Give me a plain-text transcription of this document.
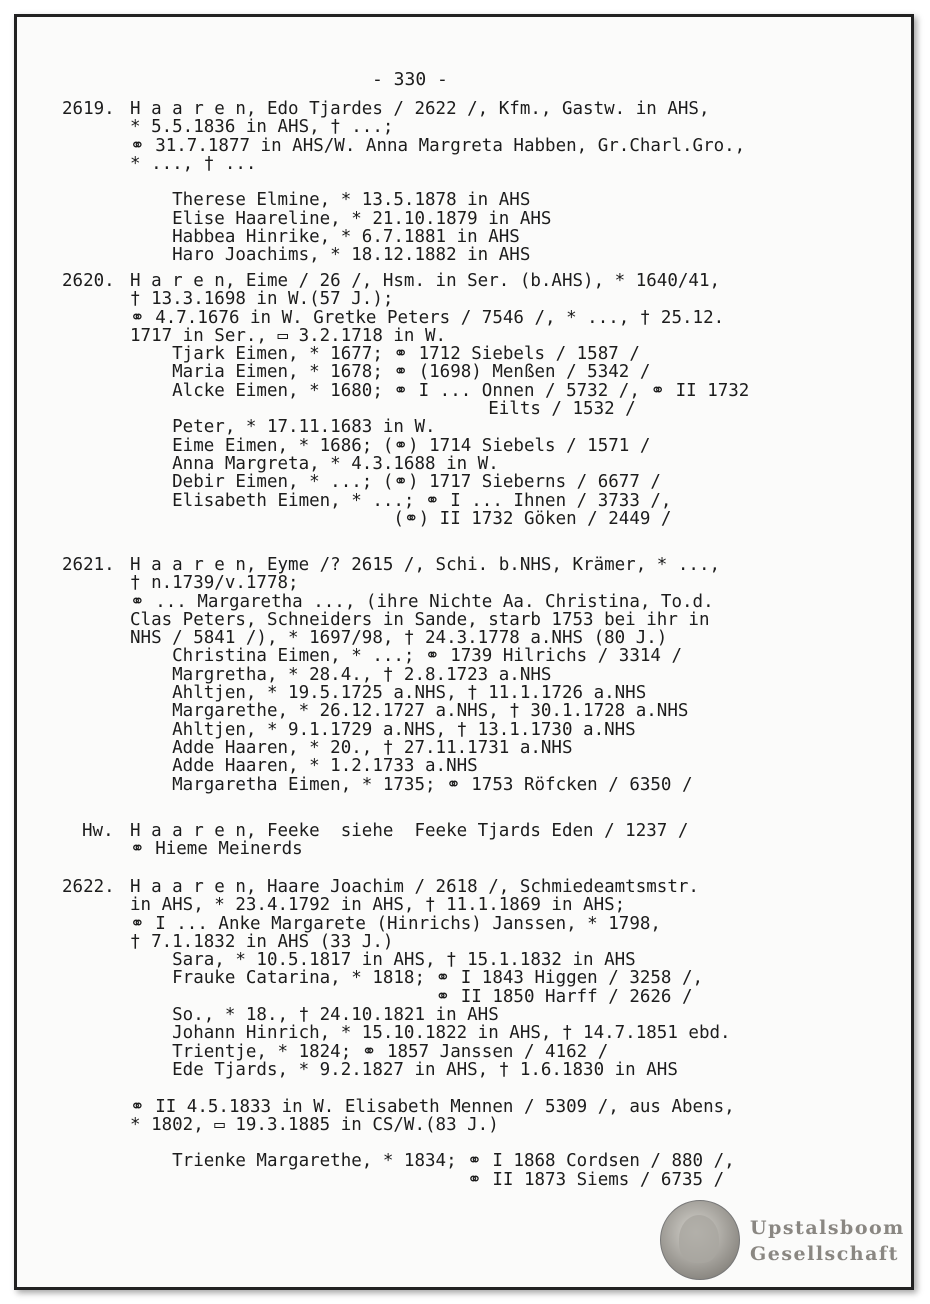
- 330 -
2619. H a a r e n, Edo Tjardes / 2622 /, Kfm., Gastw. in AHS,
* 5.5.1836 in AHS, † ...;
⚭ 31.7.1877 in AHS/W. Anna Margreta Habben, Gr.Charl.Gro.,
* ..., † ...
Therese Elmine, * 13.5.1878 in AHS
Elise Haareline, * 21.10.1879 in AHS
Habbea Hinrike, * 6.7.1881 in AHS
Haro Joachims, * 18.12.1882 in AHS
2620. H a r e n, Eime / 26 /, Hsm. in Ser. (b.AHS), * 1640/41,
† 13.3.1698 in W.(57 J.);
⚭ 4.7.1676 in W. Gretke Peters / 7546 /, * ..., † 25.12.
1717 in Ser., ▭ 3.2.1718 in W.
Tjark Eimen, * 1677; ⚭ 1712 Siebels / 1587 /
Maria Eimen, * 1678; ⚭ (1698) Menßen / 5342 /
Alcke Eimen, * 1680; ⚭ I ... Onnen / 5732 /, ⚭ II 1732
Eilts / 1532 /
Peter, * 17.11.1683 in W.
Eime Eimen, * 1686; (⚭) 1714 Siebels / 1571 /
Anna Margreta, * 4.3.1688 in W.
Debir Eimen, * ...; (⚭) 1717 Sieberns / 6677 /
Elisabeth Eimen, * ...; ⚭ I ... Ihnen / 3733 /,
(⚭) II 1732 Göken / 2449 /
2621. H a a r e n, Eyme /? 2615 /, Schi. b.NHS, Krämer, * ...,
† n.1739/v.1778;
⚭ ... Margaretha ..., (ihre Nichte Aa. Christina, To.d.
Clas Peters, Schneiders in Sande, starb 1753 bei ihr in
NHS / 5841 /), * 1697/98, † 24.3.1778 a.NHS (80 J.)
Christina Eimen, * ...; ⚭ 1739 Hilrichs / 3314 /
Margretha, * 28.4., † 2.8.1723 a.NHS
Ahltjen, * 19.5.1725 a.NHS, † 11.1.1726 a.NHS
Margarethe, * 26.12.1727 a.NHS, † 30.1.1728 a.NHS
Ahltjen, * 9.1.1729 a.NHS, † 13.1.1730 a.NHS
Adde Haaren, * 20., † 27.11.1731 a.NHS
Adde Haaren, * 1.2.1733 a.NHS
Margaretha Eimen, * 1735; ⚭ 1753 Röfcken / 6350 /
Hw. H a a r e n, Feeke  siehe  Feeke Tjards Eden / 1237 /
⚭ Hieme Meinerds
2622. H a a r e n, Haare Joachim / 2618 /, Schmiedeamtsmstr.
in AHS, * 23.4.1792 in AHS, † 11.1.1869 in AHS;
⚭ I ... Anke Margarete (Hinrichs) Janssen, * 1798,
† 7.1.1832 in AHS (33 J.)
Sara, * 10.5.1817 in AHS, † 15.1.1832 in AHS
Frauke Catarina, * 1818; ⚭ I 1843 Higgen / 3258 /,
⚭ II 1850 Harff / 2626 /
So., * 18., † 24.10.1821 in AHS
Johann Hinrich, * 15.10.1822 in AHS, † 14.7.1851 ebd.
Trientje, * 1824; ⚭ 1857 Janssen / 4162 /
Ede Tjards, * 9.2.1827 in AHS, † 1.6.1830 in AHS
⚭ II 4.5.1833 in W. Elisabeth Mennen / 5309 /, aus Abens,
* 1802, ▭ 19.3.1885 in CS/W.(83 J.)
Trienke Margarethe, * 1834; ⚭ I 1868 Cordsen / 880 /,
⚭ II 1873 Siems / 6735 /
Upstalsboom
Gesellschaft
